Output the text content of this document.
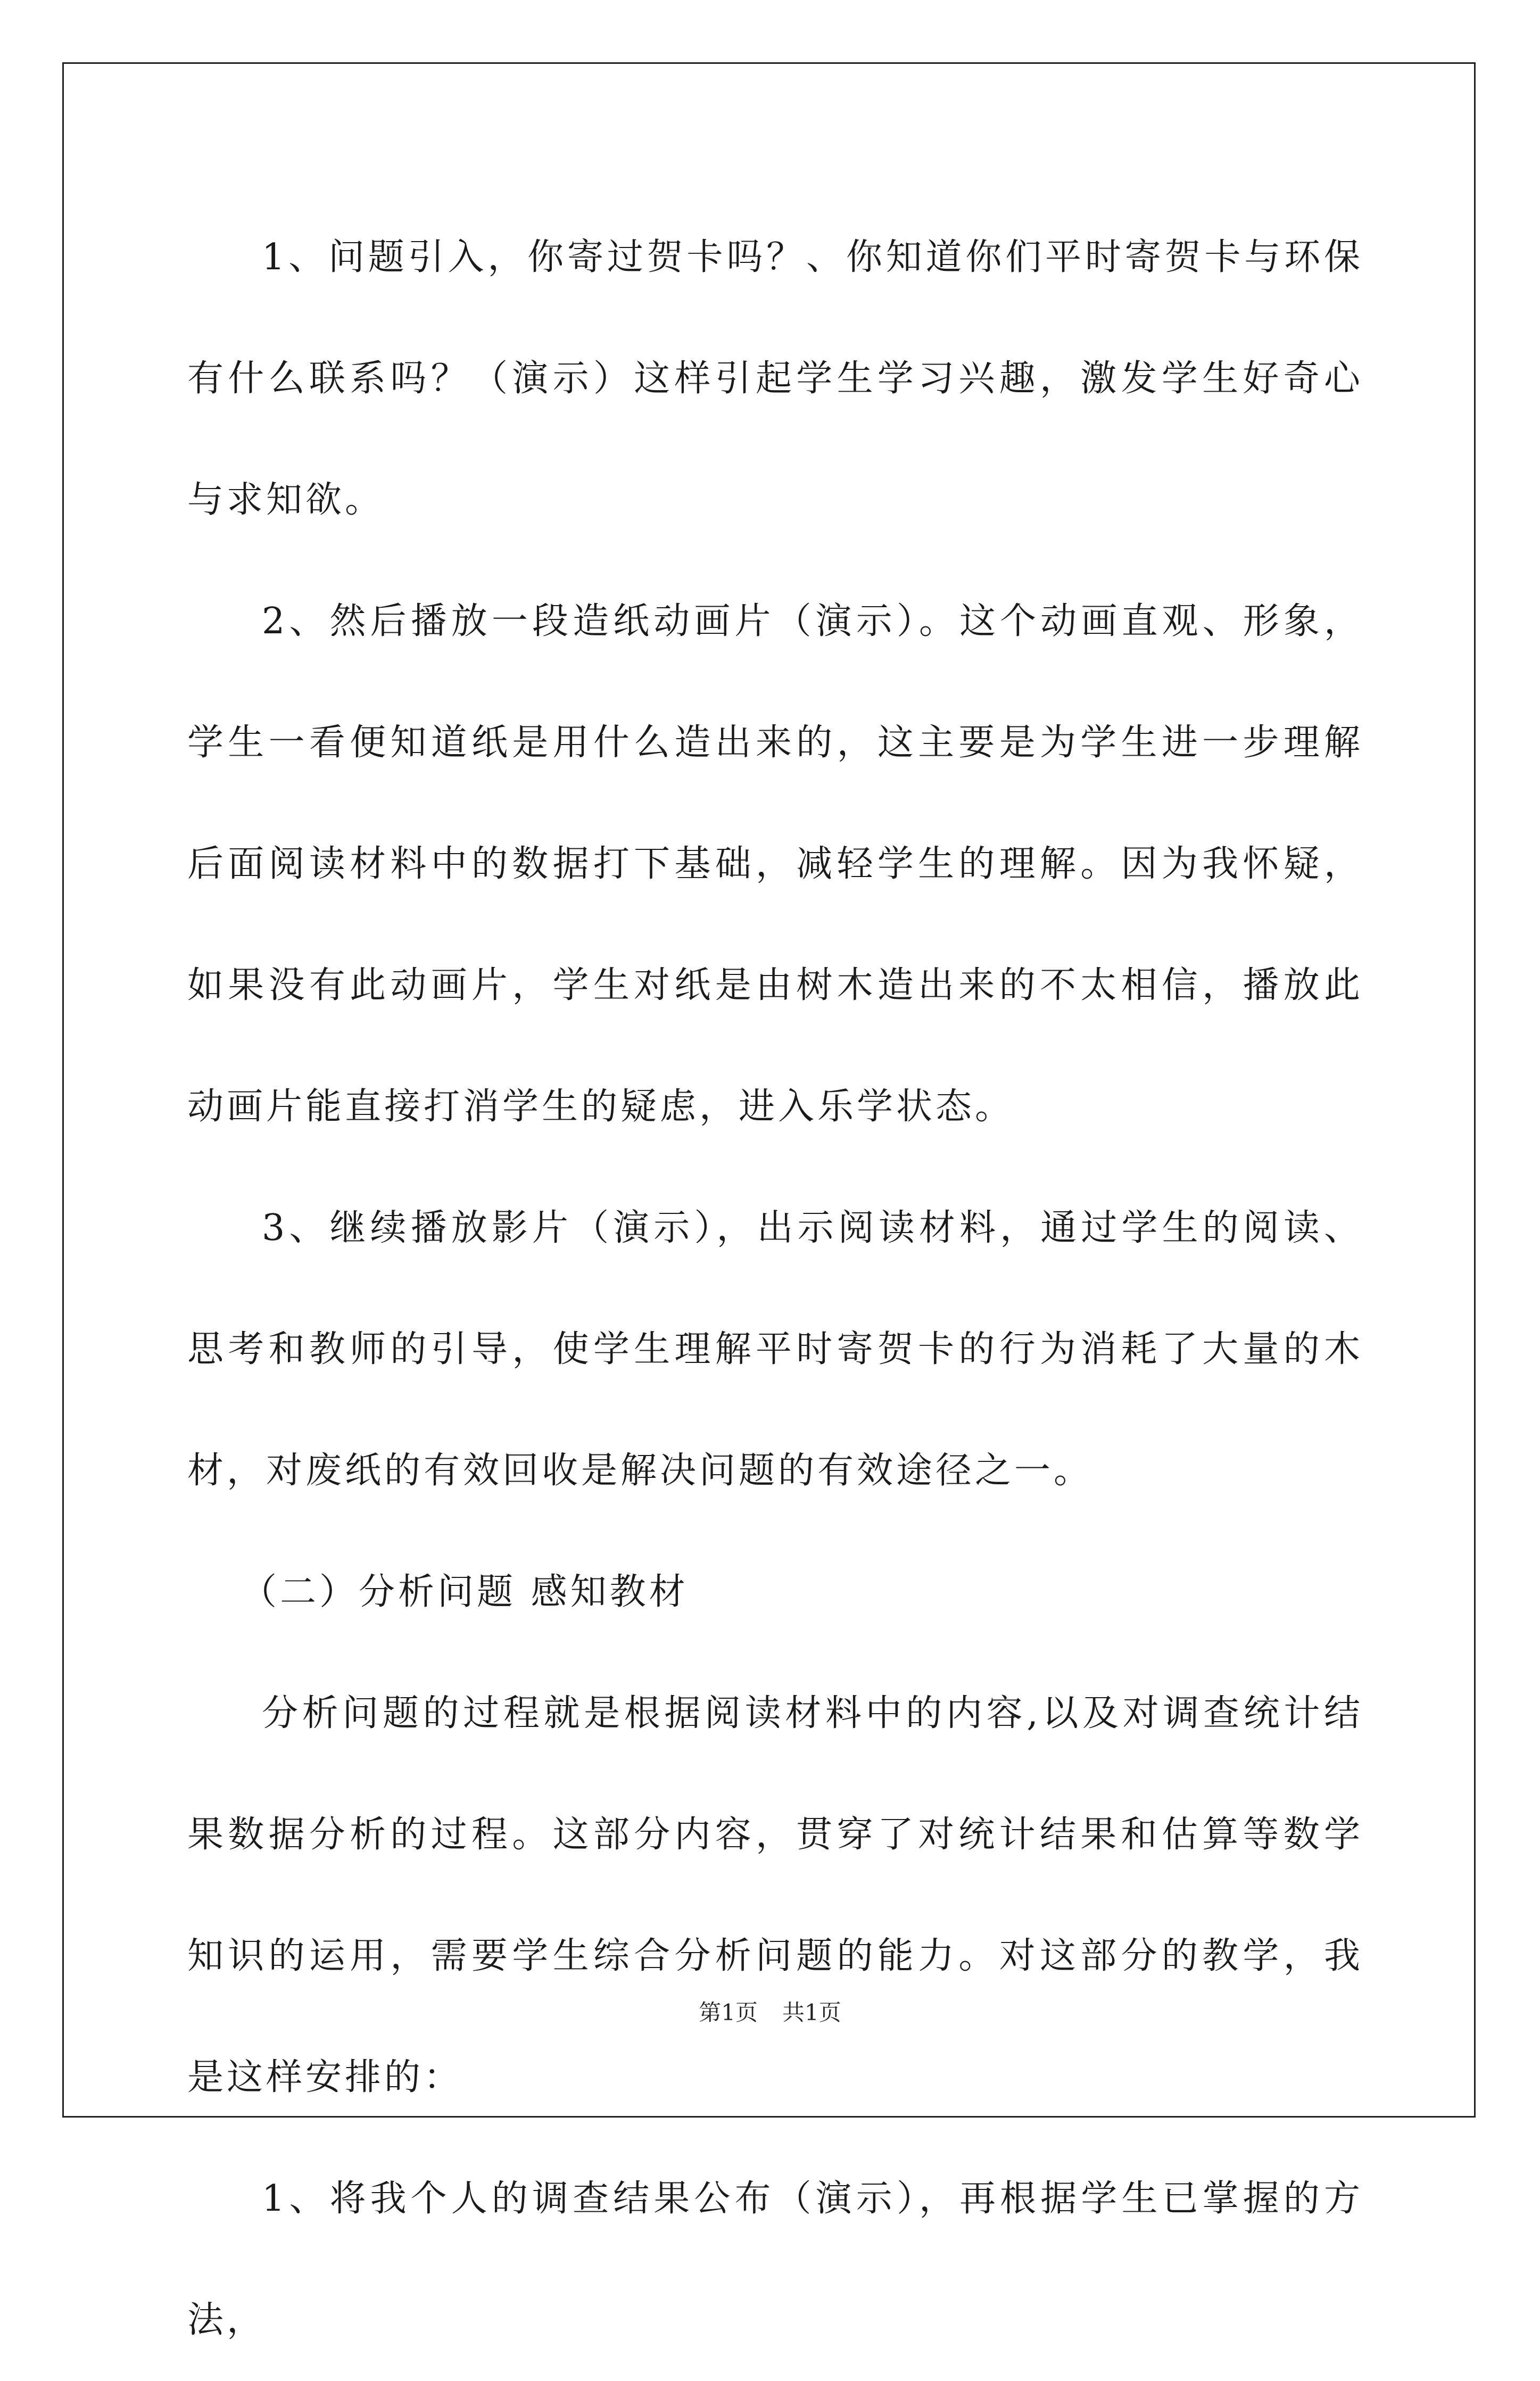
1、问题引入，你寄过贺卡吗？、你知道你们平时寄贺卡与环保有什么联系吗？（演示）这样引起学生学习兴趣，激发学生好奇心与求知欲。

2、然后播放一段造纸动画片（演示）。这个动画直观、形象，学生一看便知道纸是用什么造出来的，这主要是为学生进一步理解后面阅读材料中的数据打下基础，减轻学生的理解。因为我怀疑，如果没有此动画片，学生对纸是由树木造出来的不太相信，播放此动画片能直接打消学生的疑虑，进入乐学状态。

3、继续播放影片（演示），出示阅读材料，通过学生的阅读、思考和教师的引导，使学生理解平时寄贺卡的行为消耗了大量的木材，对废纸的有效回收是解决问题的有效途径之一。

（二）分析问题 感知教材

分析问题的过程就是根据阅读材料中的内容,以及对调查统计结果数据分析的过程。这部分内容，贯穿了对统计结果和估算等数学知识的运用，需要学生综合分析问题的能力。对这部分的教学，我是这样安排的：

1、将我个人的调查结果公布（演示），再根据学生已掌握的方法，

第1页 共1页
